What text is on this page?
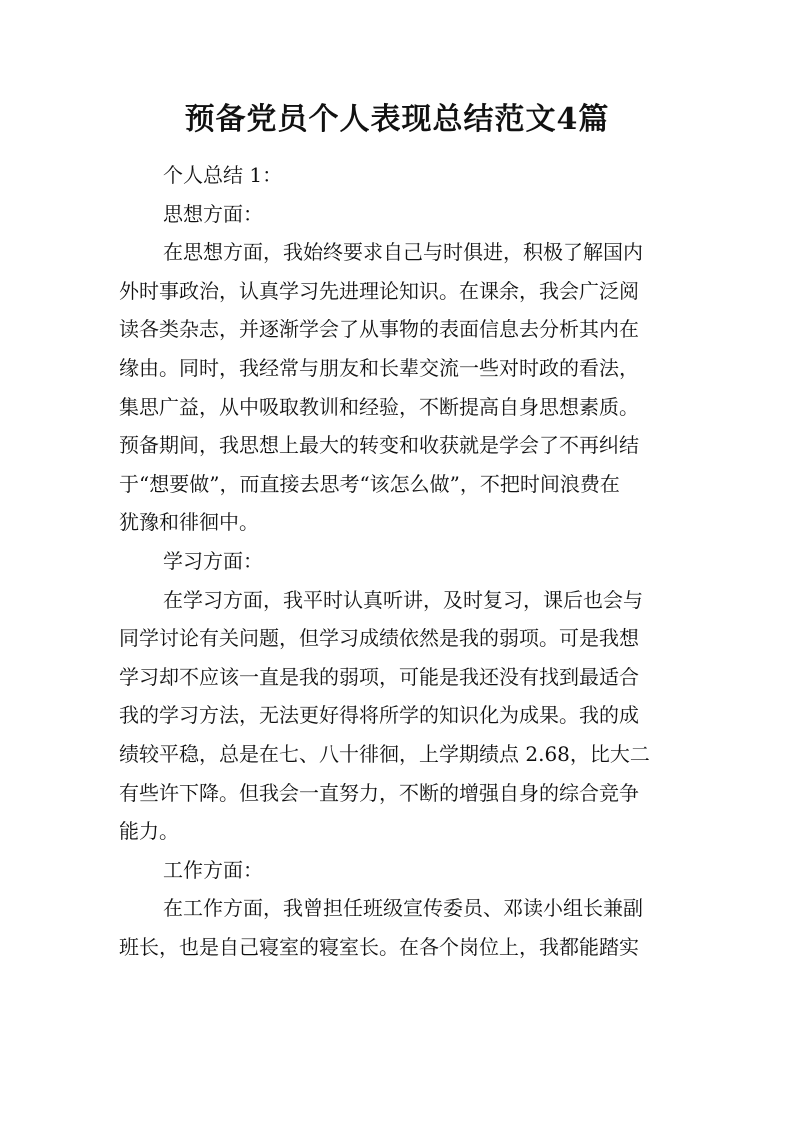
预备党员个人表现总结范文4篇
个人总结 1：
思想方面：
在思想方面，我始终要求自己与时俱进，积极了解国内
外时事政治，认真学习先进理论知识。在课余，我会广泛阅
读各类杂志，并逐渐学会了从事物的表面信息去分析其内在
缘由。同时，我经常与朋友和长辈交流一些对时政的看法，
集思广益，从中吸取教训和经验，不断提高自身思想素质。
预备期间，我思想上最大的转变和收获就是学会了不再纠结
于“想要做”，而直接去思考“该怎么做”，不把时间浪费在
犹豫和徘徊中。
学习方面：
在学习方面，我平时认真听讲，及时复习，课后也会与
同学讨论有关问题，但学习成绩依然是我的弱项。可是我想
学习却不应该一直是我的弱项，可能是我还没有找到最适合
我的学习方法，无法更好得将所学的知识化为成果。我的成
绩较平稳，总是在七、八十徘徊，上学期绩点 2.68，比大二
有些许下降。但我会一直努力，不断的增强自身的综合竞争
能力。
工作方面：
在工作方面，我曾担任班级宣传委员、邓读小组长兼副
班长，也是自己寝室的寝室长。在各个岗位上，我都能踏实
